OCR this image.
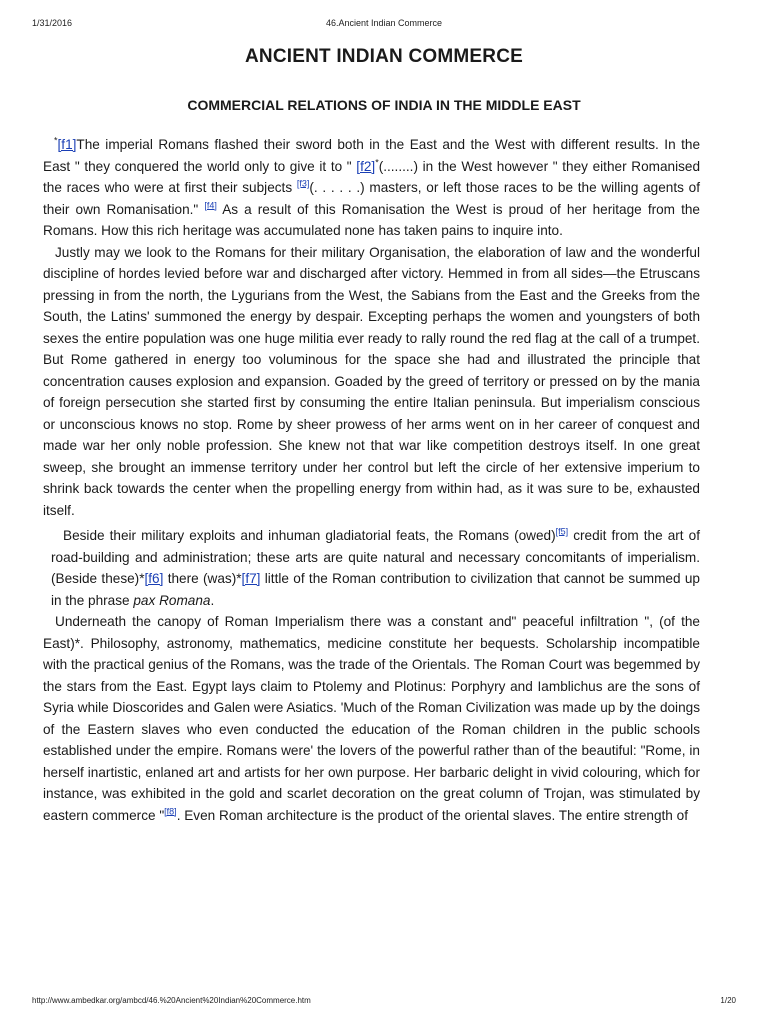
1/31/2016	46.Ancient Indian Commerce
ANCIENT INDIAN COMMERCE
COMMERCIAL RELATIONS OF INDIA IN THE MIDDLE EAST

*[f1]The imperial Romans flashed their sword both in the East and the West with different results. In the East " they conquered the world only to give it to " [f2]*(........) in the West however " they either Romanised the races who were at first their subjects [f3](. . . . . .) masters, or left those races to be the willing agents of their own Romanisation." [f4] As a result of this Romanisation the West is proud of her heritage from the Romans. How this rich heritage was accumulated none has taken pains to inquire into.

Justly may we look to the Romans for their military Organisation, the elaboration of law and the wonderful discipline of hordes levied before war and discharged after victory. Hemmed in from all sides—the Etruscans pressing in from the north, the Lygurians from the West, the Sabians from the East and the Greeks from the South, the Latins' summoned the energy by despair. Excepting perhaps the women and youngsters of both sexes the entire population was one huge militia ever ready to rally round the red flag at the call of a trumpet. But Rome gathered in energy too voluminous for the space she had and illustrated the principle that concentration causes explosion and expansion. Goaded by the greed of territory or pressed on by the mania of foreign persecution she started first by consuming the entire Italian peninsula. But imperialism conscious or unconscious knows no stop. Rome by sheer prowess of her arms went on in her career of conquest and made war her only noble profession. She knew not that war like competition destroys itself. In one great sweep, she brought an immense territory under her control but left the circle of her extensive imperium to shrink back towards the center when the propelling energy from within had, as it was sure to be, exhausted itself.

Beside their military exploits and inhuman gladiatorial feats, the Romans (owed)[f5] credit from the art of road-building and administration; these arts are quite natural and necessary concomitants of imperialism. (Beside these)*[f6] there (was)*[f7] little of the Roman contribution to civilization that cannot be summed up in the phrase pax Romana.

Underneath the canopy of Roman Imperialism there was a constant and" peaceful infiltration ", (of the East)*. Philosophy, astronomy, mathematics, medicine constitute her bequests. Scholarship incompatible with the practical genius of the Romans, was the trade of the Orientals. The Roman Court was begemmed by the stars from the East. Egypt lays claim to Ptolemy and Plotinus: Porphyry and Iamblichus are the sons of Syria while Dioscorides and Galen were Asiatics. 'Much of the Roman Civilization was made up by the doings of the Eastern slaves who even conducted the education of the Roman children in the public schools established under the empire. Romans were' the lovers of the powerful rather than of the beautiful: "Rome, in herself inartistic, enlaned art and artists for her own purpose. Her barbaric delight in vivid colouring, which for instance, was exhibited in the gold and scarlet decoration on the great column of Trojan, was stimulated by eastern commerce "[f8]. Even Roman architecture is the product of the oriental slaves. The entire strength of

http://www.ambedkar.org/ambcd/46.%20Ancient%20Indian%20Commerce.htm	1/20
